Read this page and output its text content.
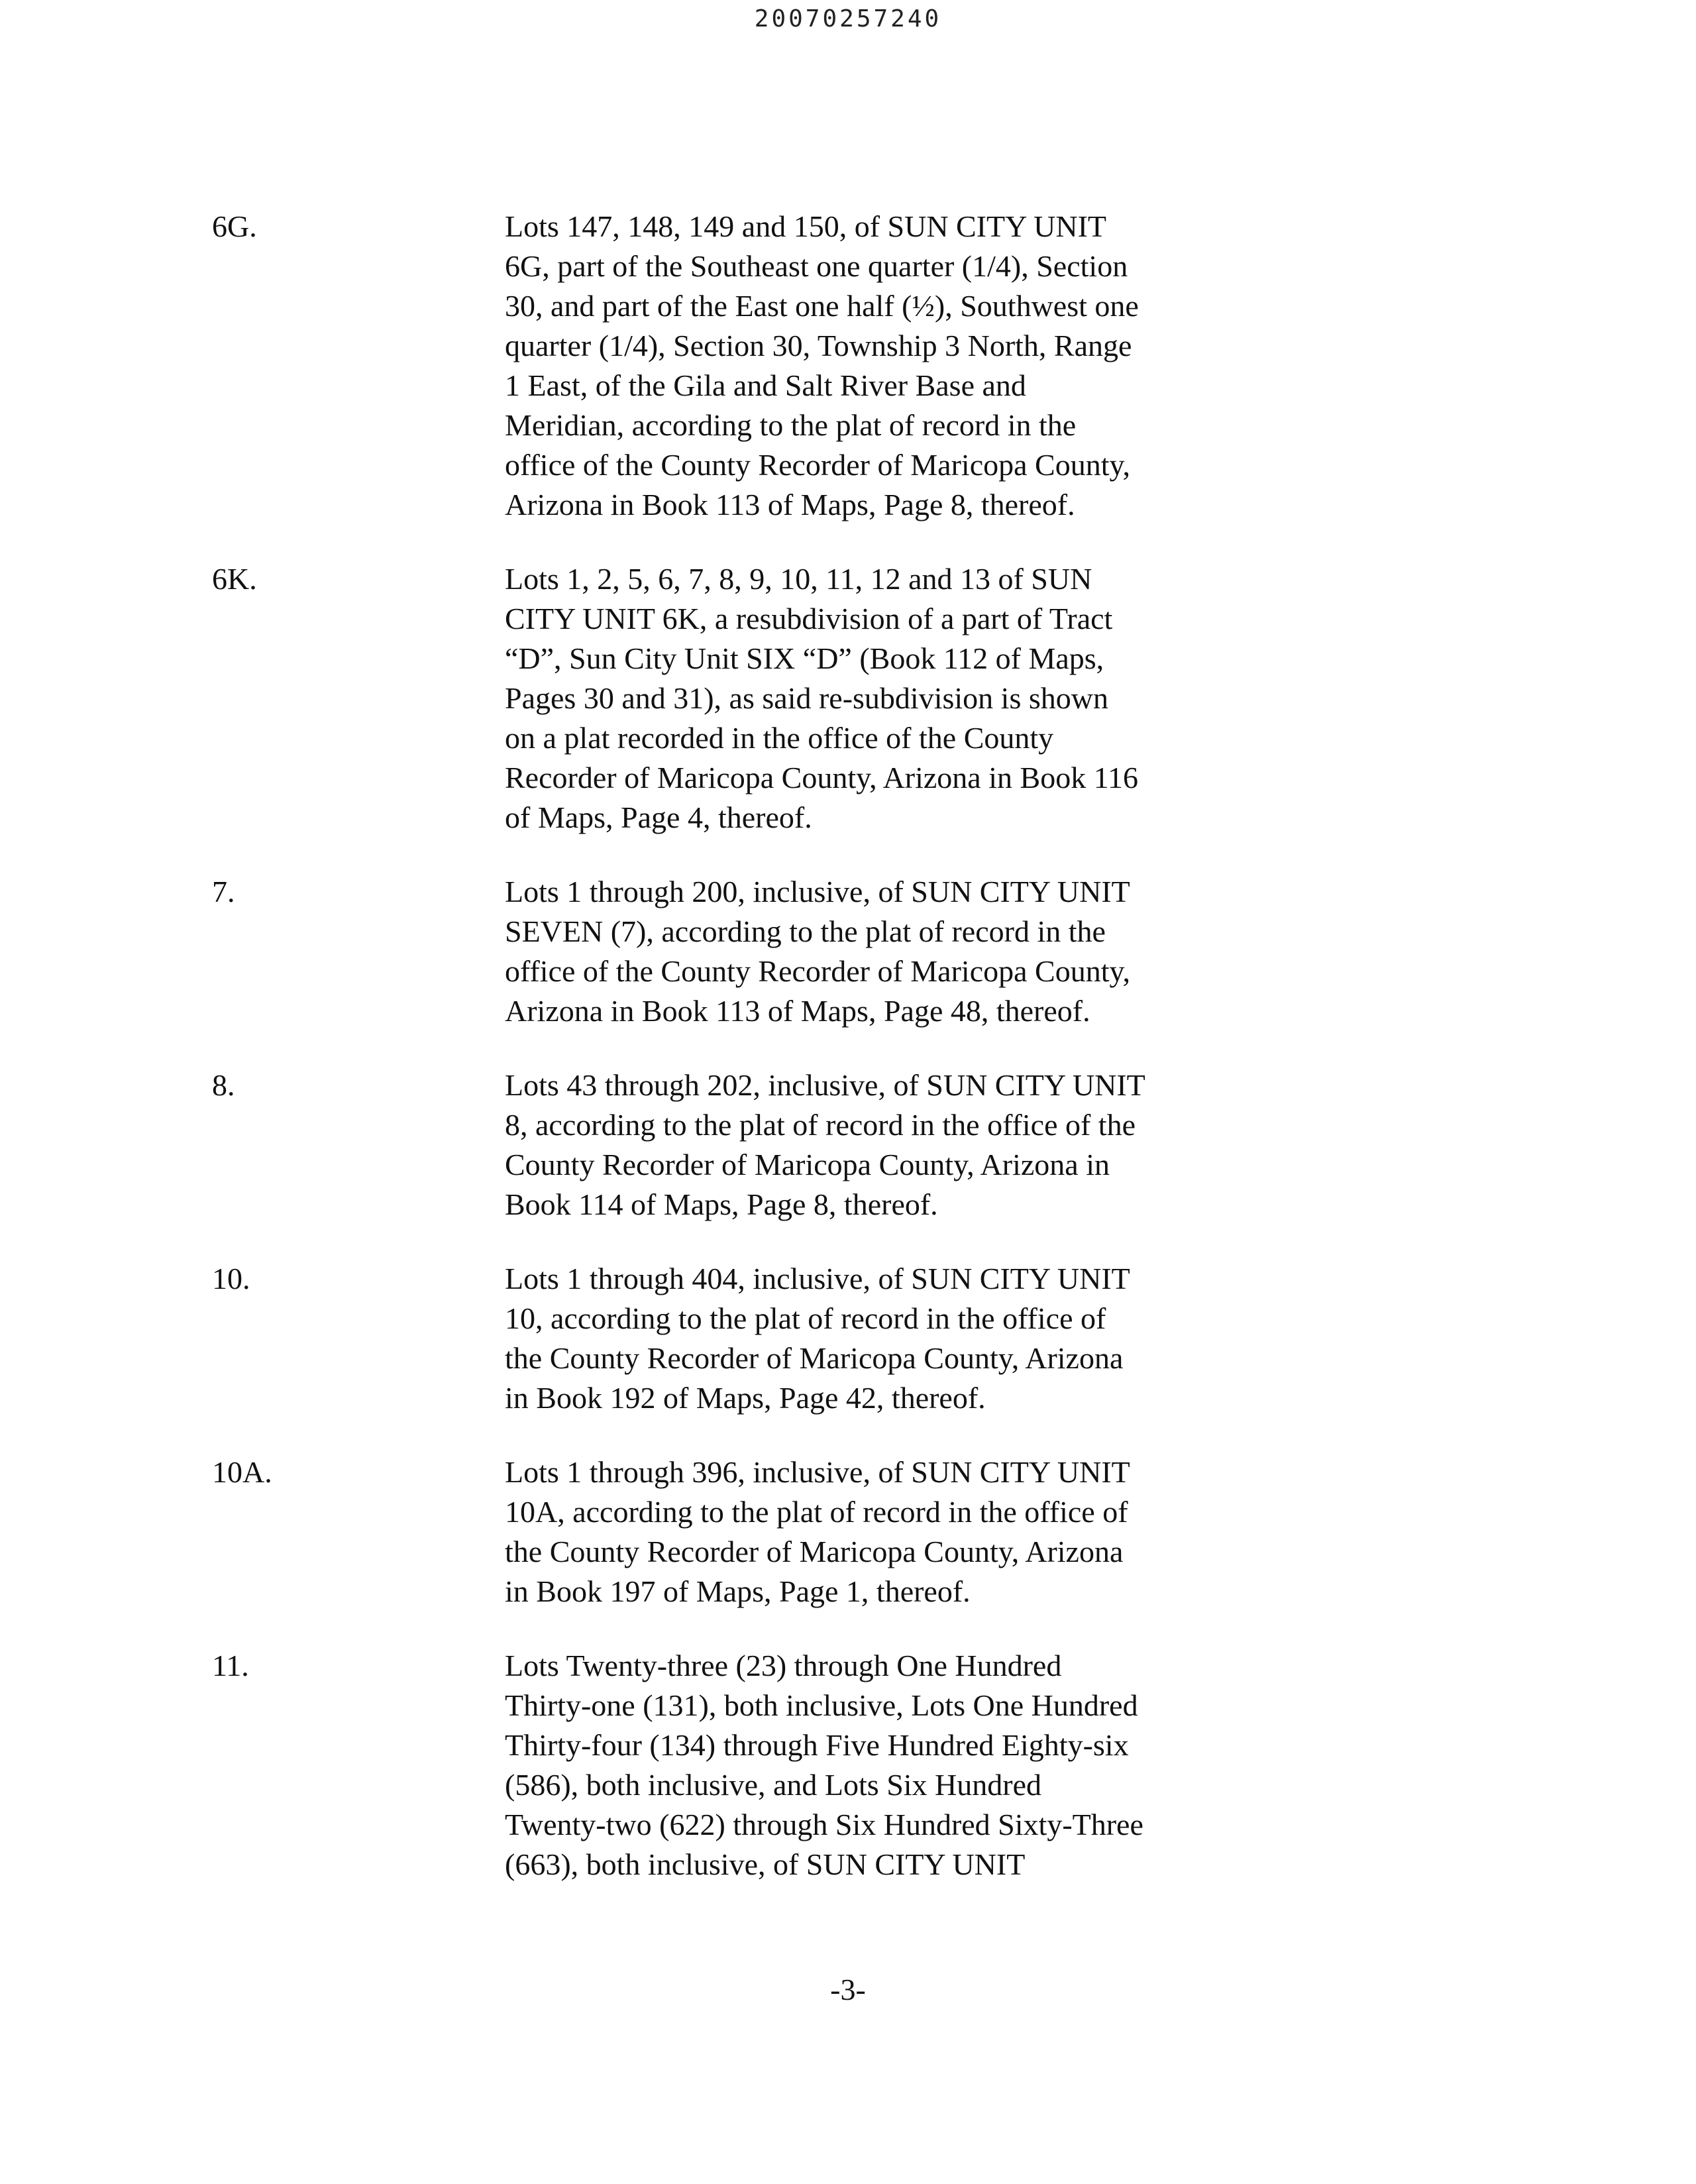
20070257240
6G.	Lots 147, 148, 149 and 150, of SUN CITY UNIT
6G, part of the Southeast one quarter (1/4), Section
30, and part of the East one half (½), Southwest one
quarter (1/4), Section 30, Township 3 North, Range
1 East, of the Gila and Salt River Base and
Meridian, according to the plat of record in the
office of the County Recorder of Maricopa County,
Arizona in Book 113 of Maps, Page 8, thereof.
6K.	Lots 1, 2, 5, 6, 7, 8, 9, 10, 11, 12 and 13 of SUN
CITY UNIT 6K, a resubdivision of a part of Tract
“D”, Sun City Unit SIX “D” (Book 112 of Maps,
Pages 30 and 31), as said re-subdivision is shown
on a plat recorded in the office of the County
Recorder of Maricopa County, Arizona in Book 116
of Maps, Page 4, thereof.
7.	Lots 1 through 200, inclusive, of SUN CITY UNIT
SEVEN (7), according to the plat of record in the
office of the County Recorder of Maricopa County,
Arizona in Book 113 of Maps, Page 48, thereof.
8.	Lots 43 through 202, inclusive, of SUN CITY UNIT
8, according to the plat of record in the office of the
County Recorder of Maricopa County, Arizona in
Book 114 of Maps, Page 8, thereof.
10.	Lots 1 through 404, inclusive, of SUN CITY UNIT
10, according to the plat of record in the office of
the County Recorder of Maricopa County, Arizona
in Book 192 of Maps, Page 42, thereof.
10A.	Lots 1 through 396, inclusive, of SUN CITY UNIT
10A, according to the plat of record in the office of
the County Recorder of Maricopa County, Arizona
in Book 197 of Maps, Page 1, thereof.
11.	Lots Twenty-three (23) through One Hundred
Thirty-one (131), both inclusive, Lots One Hundred
Thirty-four (134) through Five Hundred Eighty-six
(586), both inclusive, and Lots Six Hundred
Twenty-two (622) through Six Hundred Sixty-Three
(663), both inclusive, of SUN CITY UNIT
-3-
